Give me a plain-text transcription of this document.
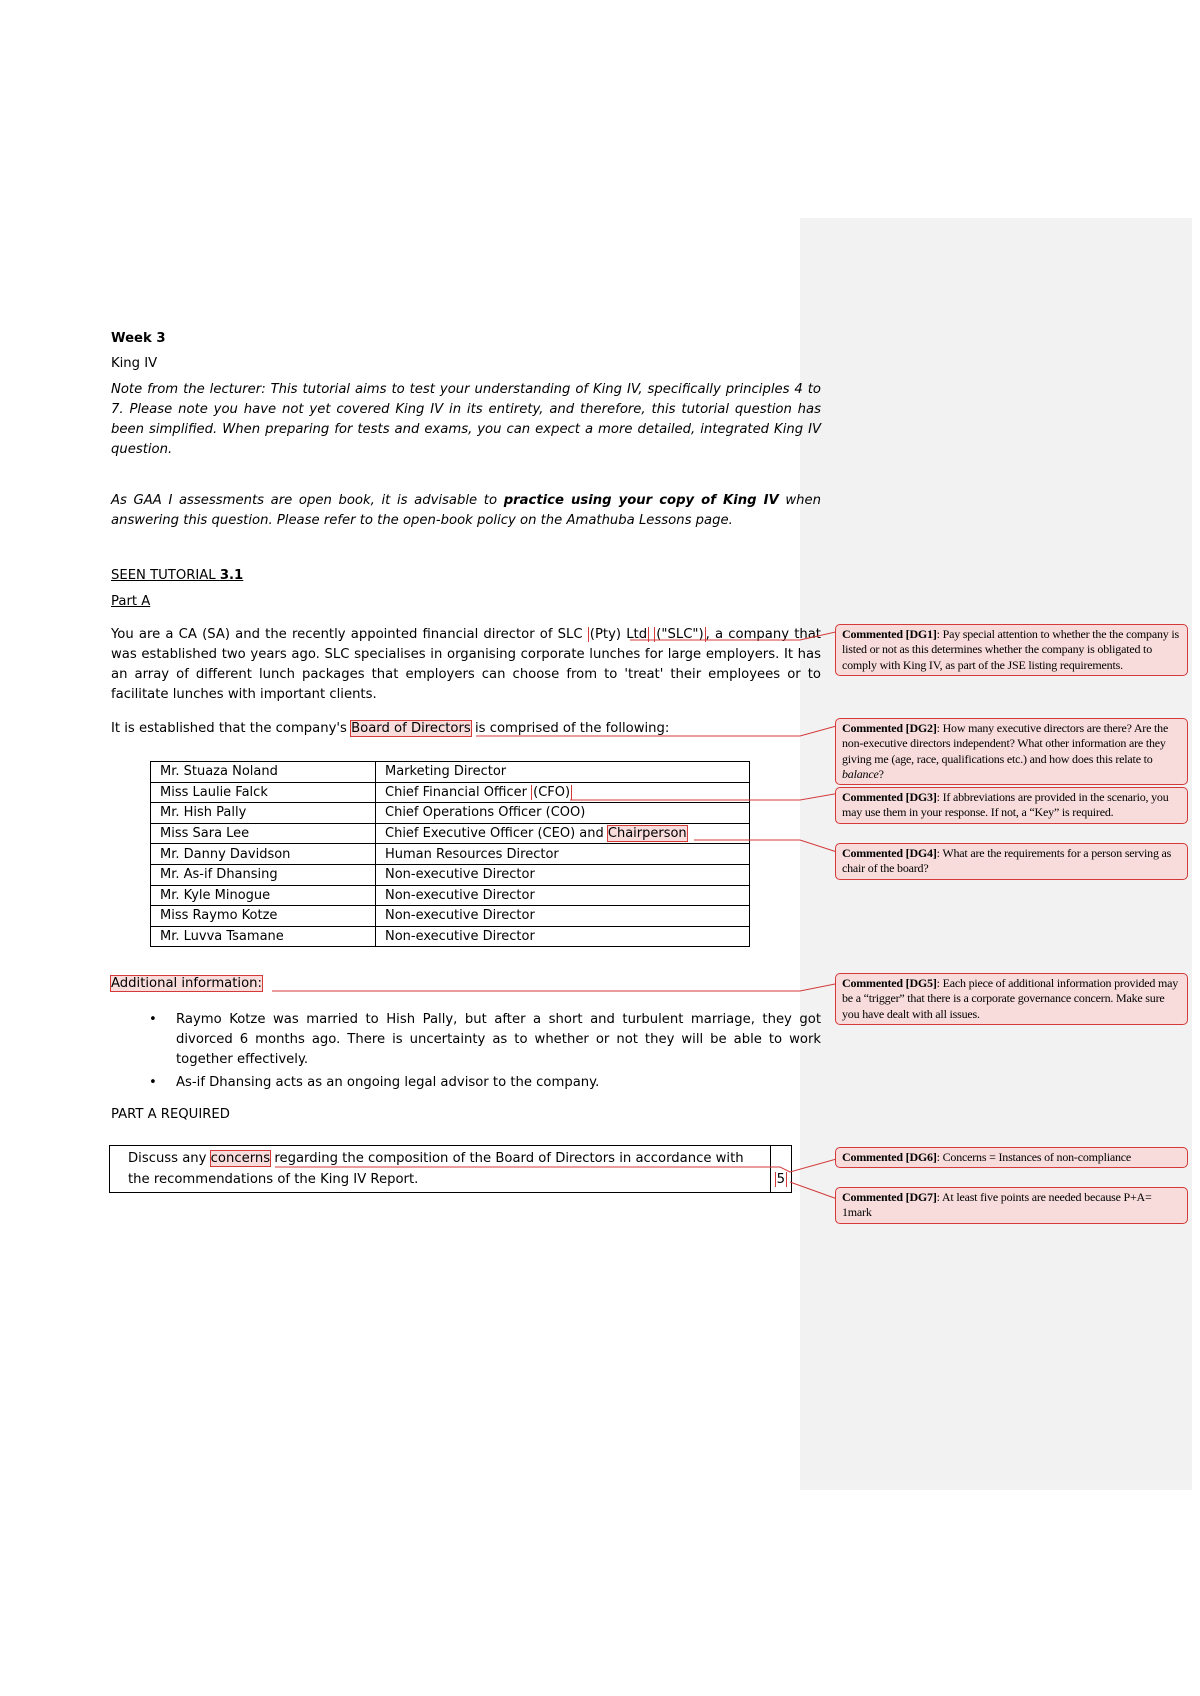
Week 3
King IV
Note from the lecturer: This tutorial aims to test your understanding of King IV, specifically principles 4 to 7. Please note you have not yet covered King IV in its entirety, and therefore, this tutorial question has been simplified. When preparing for tests and exams, you can expect a more detailed, integrated King IV question.
As GAA I assessments are open book, it is advisable to practice using your copy of King IV when answering this question. Please refer to the open-book policy on the Amathuba Lessons page.
SEEN TUTORIAL 3.1
Part A
You are a CA (SA) and the recently appointed financial director of SLC (Pty) Ltd ("SLC") , a company that was established two years ago. SLC specialises in organising corporate lunches for large employers. It has an array of different lunch packages that employers can choose from to 'treat' their employees or to facilitate lunches with important clients.
It is established that the company's Board of Directors is comprised of the following:
Mr. Stuaza Noland	Marketing Director
Miss Laulie Falck	Chief Financial Officer (CFO)
Mr. Hish Pally	Chief Operations Officer (COO)
Miss Sara Lee	Chief Executive Officer (CEO) and Chairperson
Mr. Danny Davidson	Human Resources Director
Mr. As-if Dhansing	Non-executive Director
Mr. Kyle Minogue	Non-executive Director
Miss Raymo Kotze	Non-executive Director
Mr. Luvva Tsamane	Non-executive Director
Additional information:
• Raymo Kotze was married to Hish Pally, but after a short and turbulent marriage, they got divorced 6 months ago. There is uncertainty as to whether or not they will be able to work together effectively.
• As-if Dhansing acts as an ongoing legal advisor to the company.
PART A REQUIRED
Discuss any concerns regarding the composition of the Board of Directors in accordance with the recommendations of the King IV Report.	5
Commented [DG1]: Pay special attention to whether the the company is listed or not as this determines whether the company is obligated to comply with King IV, as part of the JSE listing requirements.
Commented [DG2]: How many executive directors are there? Are the non-executive directors independent? What other information are they giving me (age, race, qualifications etc.) and how does this relate to balance?
Commented [DG3]: If abbreviations are provided in the scenario, you may use them in your response. If not, a “Key” is required.
Commented [DG4]: What are the requirements for a person serving as chair of the board?
Commented [DG5]: Each piece of additional information provided may be a “trigger” that there is a corporate governance concern. Make sure you have dealt with all issues.
Commented [DG6]: Concerns = Instances of non-compliance
Commented [DG7]: At least five points are needed because P+A= 1mark
